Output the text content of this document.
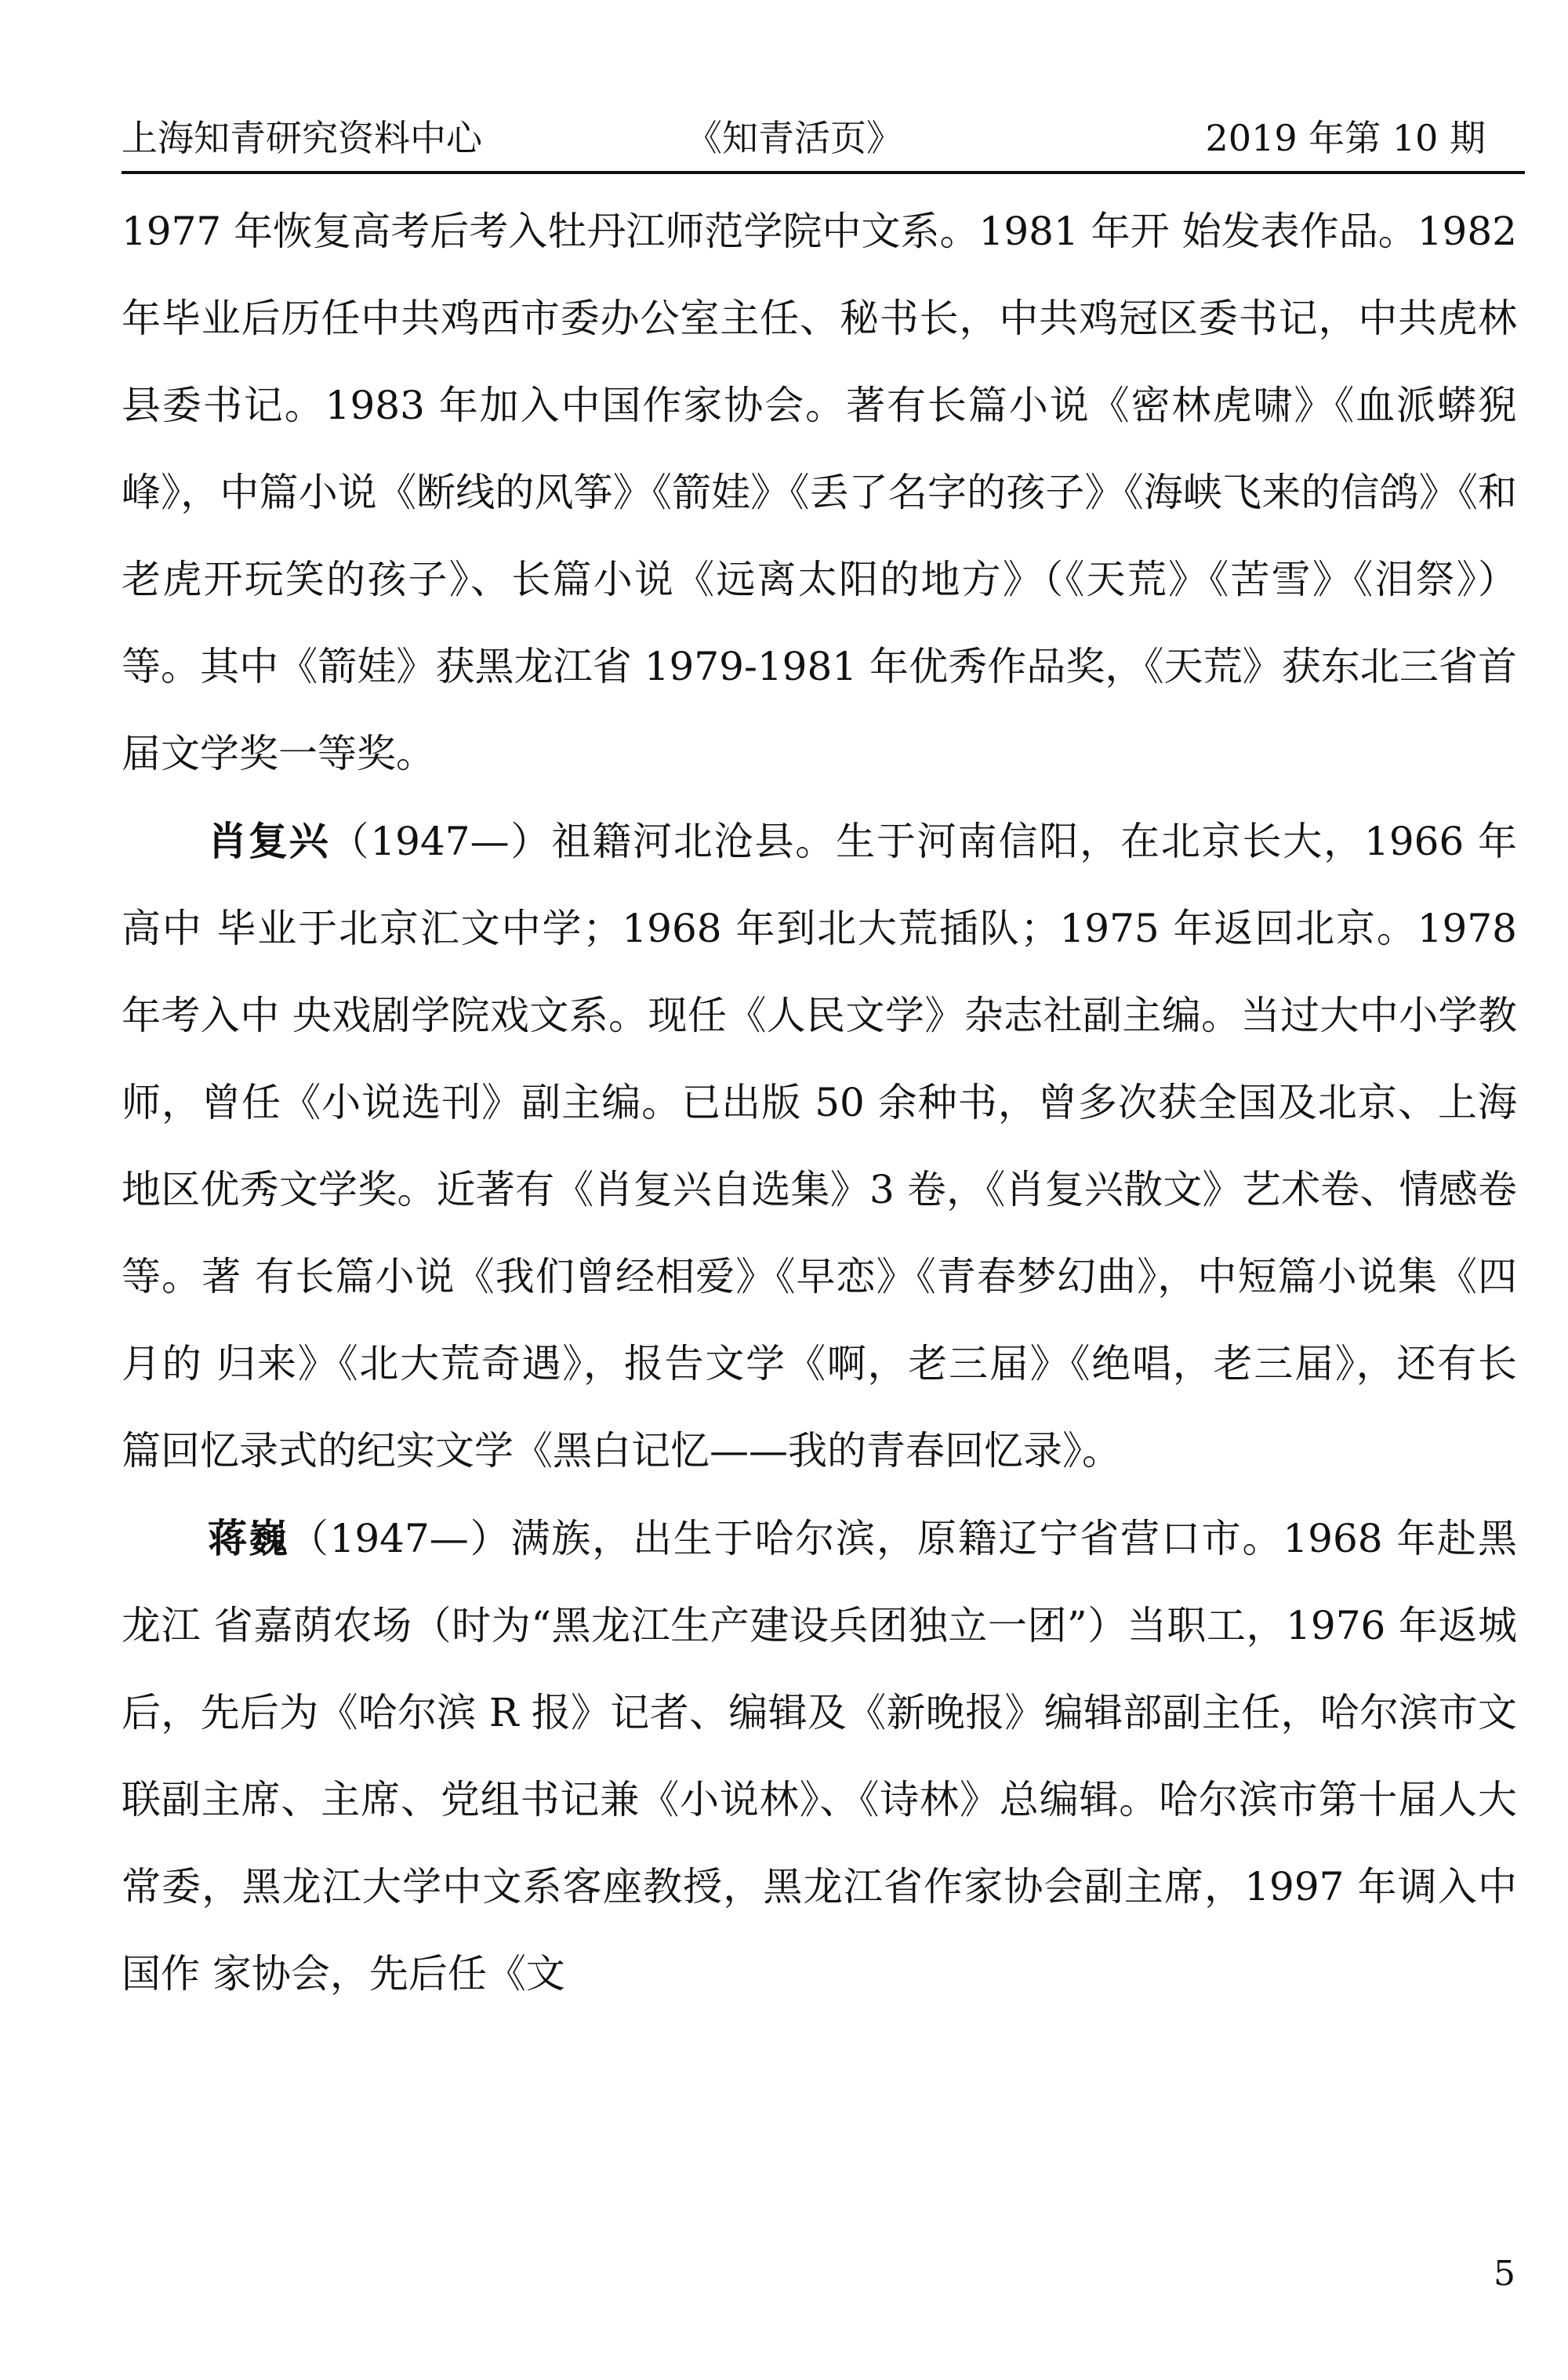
上海知青研究资料中心	《知青活页》	2019 年第 10 期

1977 年恢复高考后考入牡丹江师范学院中文系。1981 年开 始发表作品。1982 年毕业后历任中共鸡西市委办公室主任、秘书长，中共鸡冠区委书记，中共虎林县委书记。1983 年加入中国作家协会。著有长篇小说《密林虎啸》《血派蟒猊峰》，中篇小说《断线的风筝》《箭娃》《丢了名字的孩子》《海峡飞来的信鸽》《和老虎开玩笑的孩子》、长篇小说《远离太阳的地方》（《天荒》《苦雪》《泪祭》）等。其中《箭娃》获黑龙江省 1979-1981 年优秀作品奖，《天荒》获东北三省首届文学奖一等奖。

肖复兴（1947—）祖籍河北沧县。生于河南信阳，在北京长大，1966 年高中 毕业于北京汇文中学；1968 年到北大荒插队；1975 年返回北京。1978 年考入中 央戏剧学院戏文系。现任《人民文学》杂志社副主编。当过大中小学教师，曾任《小说选刊》副主编。已出版 50 余种书，曾多次获全国及北京、上海地区优秀文学奖。近著有《肖复兴自选集》3 卷，《肖复兴散文》艺术卷、情感卷等。著 有长篇小说《我们曾经相爱》《早恋》《青春梦幻曲》，中短篇小说集《四月的 归来》《北大荒奇遇》，报告文学《啊，老三届》《绝唱，老三届》，还有长 篇回忆录式的纪实文学《黑白记忆——我的青春回忆录》。

蒋巍（1947—）满族，出生于哈尔滨，原籍辽宁省营口市。1968 年赴黑龙江 省嘉荫农场（时为“黑龙江生产建设兵团独立一团”）当职工，1976 年返城后，先后为《哈尔滨 R 报》记者、编辑及《新晚报》编辑部副主任，哈尔滨市文联副主席、主席、党组书记兼《小说林》、《诗林》总编辑。哈尔滨市第十届人大常委，黑龙江大学中文系客座教授，黑龙江省作家协会副主席，1997 年调入中国作 家协会，先后任《文

5
